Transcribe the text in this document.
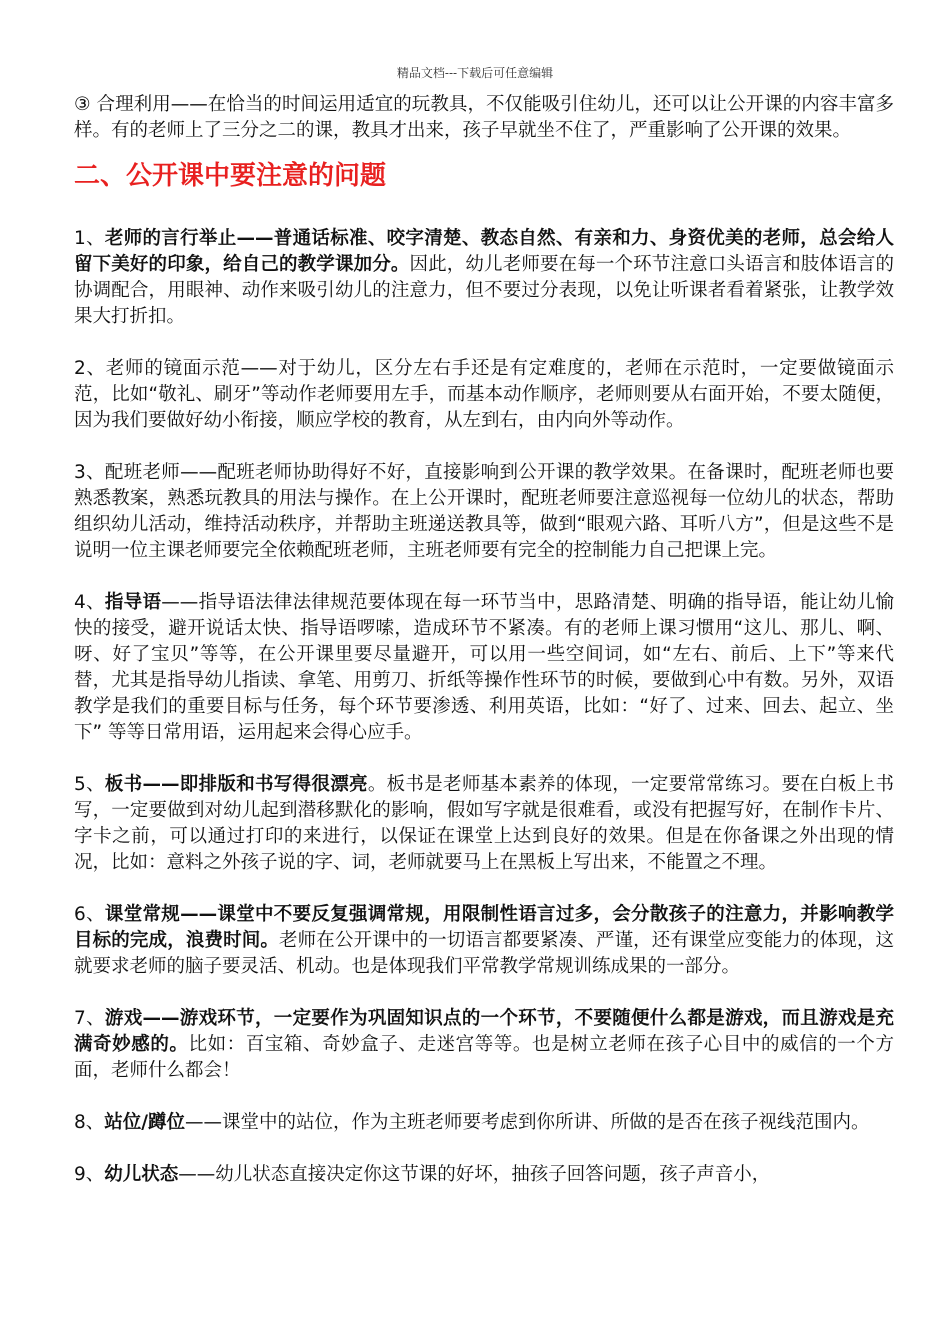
精品文档---下载后可任意编辑

③ 合理利用——在恰当的时间运用适宜的玩教具，不仅能吸引住幼儿，还可以让公开课的内容丰富多样。有的老师上了三分之二的课，教具才出来，孩子早就坐不住了，严重影响了公开课的效果。

二、公开课中要注意的问题

1、老师的言行举止——普通话标准、咬字清楚、教态自然、有亲和力、身资优美的老师，总会给人留下美好的印象，给自己的教学课加分。因此，幼儿老师要在每一个环节注意口头语言和肢体语言的协调配合，用眼神、动作来吸引幼儿的注意力，但不要过分表现，以免让听课者看着紧张，让教学效果大打折扣。

2、老师的镜面示范——对于幼儿，区分左右手还是有定难度的，老师在示范时，一定要做镜面示范，比如“敬礼、刷牙”等动作老师要用左手，而基本动作顺序，老师则要从右面开始，不要太随便，因为我们要做好幼小衔接，顺应学校的教育，从左到右，由内向外等动作。

3、配班老师——配班老师协助得好不好，直接影响到公开课的教学效果。在备课时，配班老师也要熟悉教案，熟悉玩教具的用法与操作。在上公开课时，配班老师要注意巡视每一位幼儿的状态，帮助组织幼儿活动，维持活动秩序，并帮助主班递送教具等，做到“眼观六路、耳听八方”，但是这些不是说明一位主课老师要完全依赖配班老师，主班老师要有完全的控制能力自己把课上完。

4、指导语——指导语法律法律规范要体现在每一环节当中，思路清楚、明确的指导语，能让幼儿愉快的接受，避开说话太快、指导语啰嗦，造成环节不紧凑。有的老师上课习惯用“这儿、那儿、啊、呀、好了宝贝”等等，在公开课里要尽量避开，可以用一些空间词，如“左右、前后、上下”等来代替，尤其是指导幼儿指读、拿笔、用剪刀、折纸等操作性环节的时候，要做到心中有数。另外，双语教学是我们的重要目标与任务，每个环节要渗透、利用英语，比如：“好了、过来、回去、起立、坐下” 等等日常用语，运用起来会得心应手。

5、板书——即排版和书写得很漂亮。板书是老师基本素养的体现，一定要常常练习。要在白板上书写，一定要做到对幼儿起到潜移默化的影响，假如写字就是很难看，或没有把握写好，在制作卡片、字卡之前，可以通过打印的来进行，以保证在课堂上达到良好的效果。但是在你备课之外出现的情况，比如：意料之外孩子说的字、词，老师就要马上在黑板上写出来，不能置之不理。

6、课堂常规——课堂中不要反复强调常规，用限制性语言过多，会分散孩子的注意力，并影响教学目标的完成，浪费时间。老师在公开课中的一切语言都要紧凑、严谨，还有课堂应变能力的体现，这就要求老师的脑子要灵活、机动。也是体现我们平常教学常规训练成果的一部分。

7、游戏——游戏环节，一定要作为巩固知识点的一个环节，不要随便什么都是游戏，而且游戏是充满奇妙感的。比如：百宝箱、奇妙盒子、走迷宫等等。也是树立老师在孩子心目中的威信的一个方面，老师什么都会！

8、站位/蹲位——课堂中的站位，作为主班老师要考虑到你所讲、所做的是否在孩子视线范围内。

9、幼儿状态——幼儿状态直接决定你这节课的好坏，抽孩子回答问题，孩子声音小，
